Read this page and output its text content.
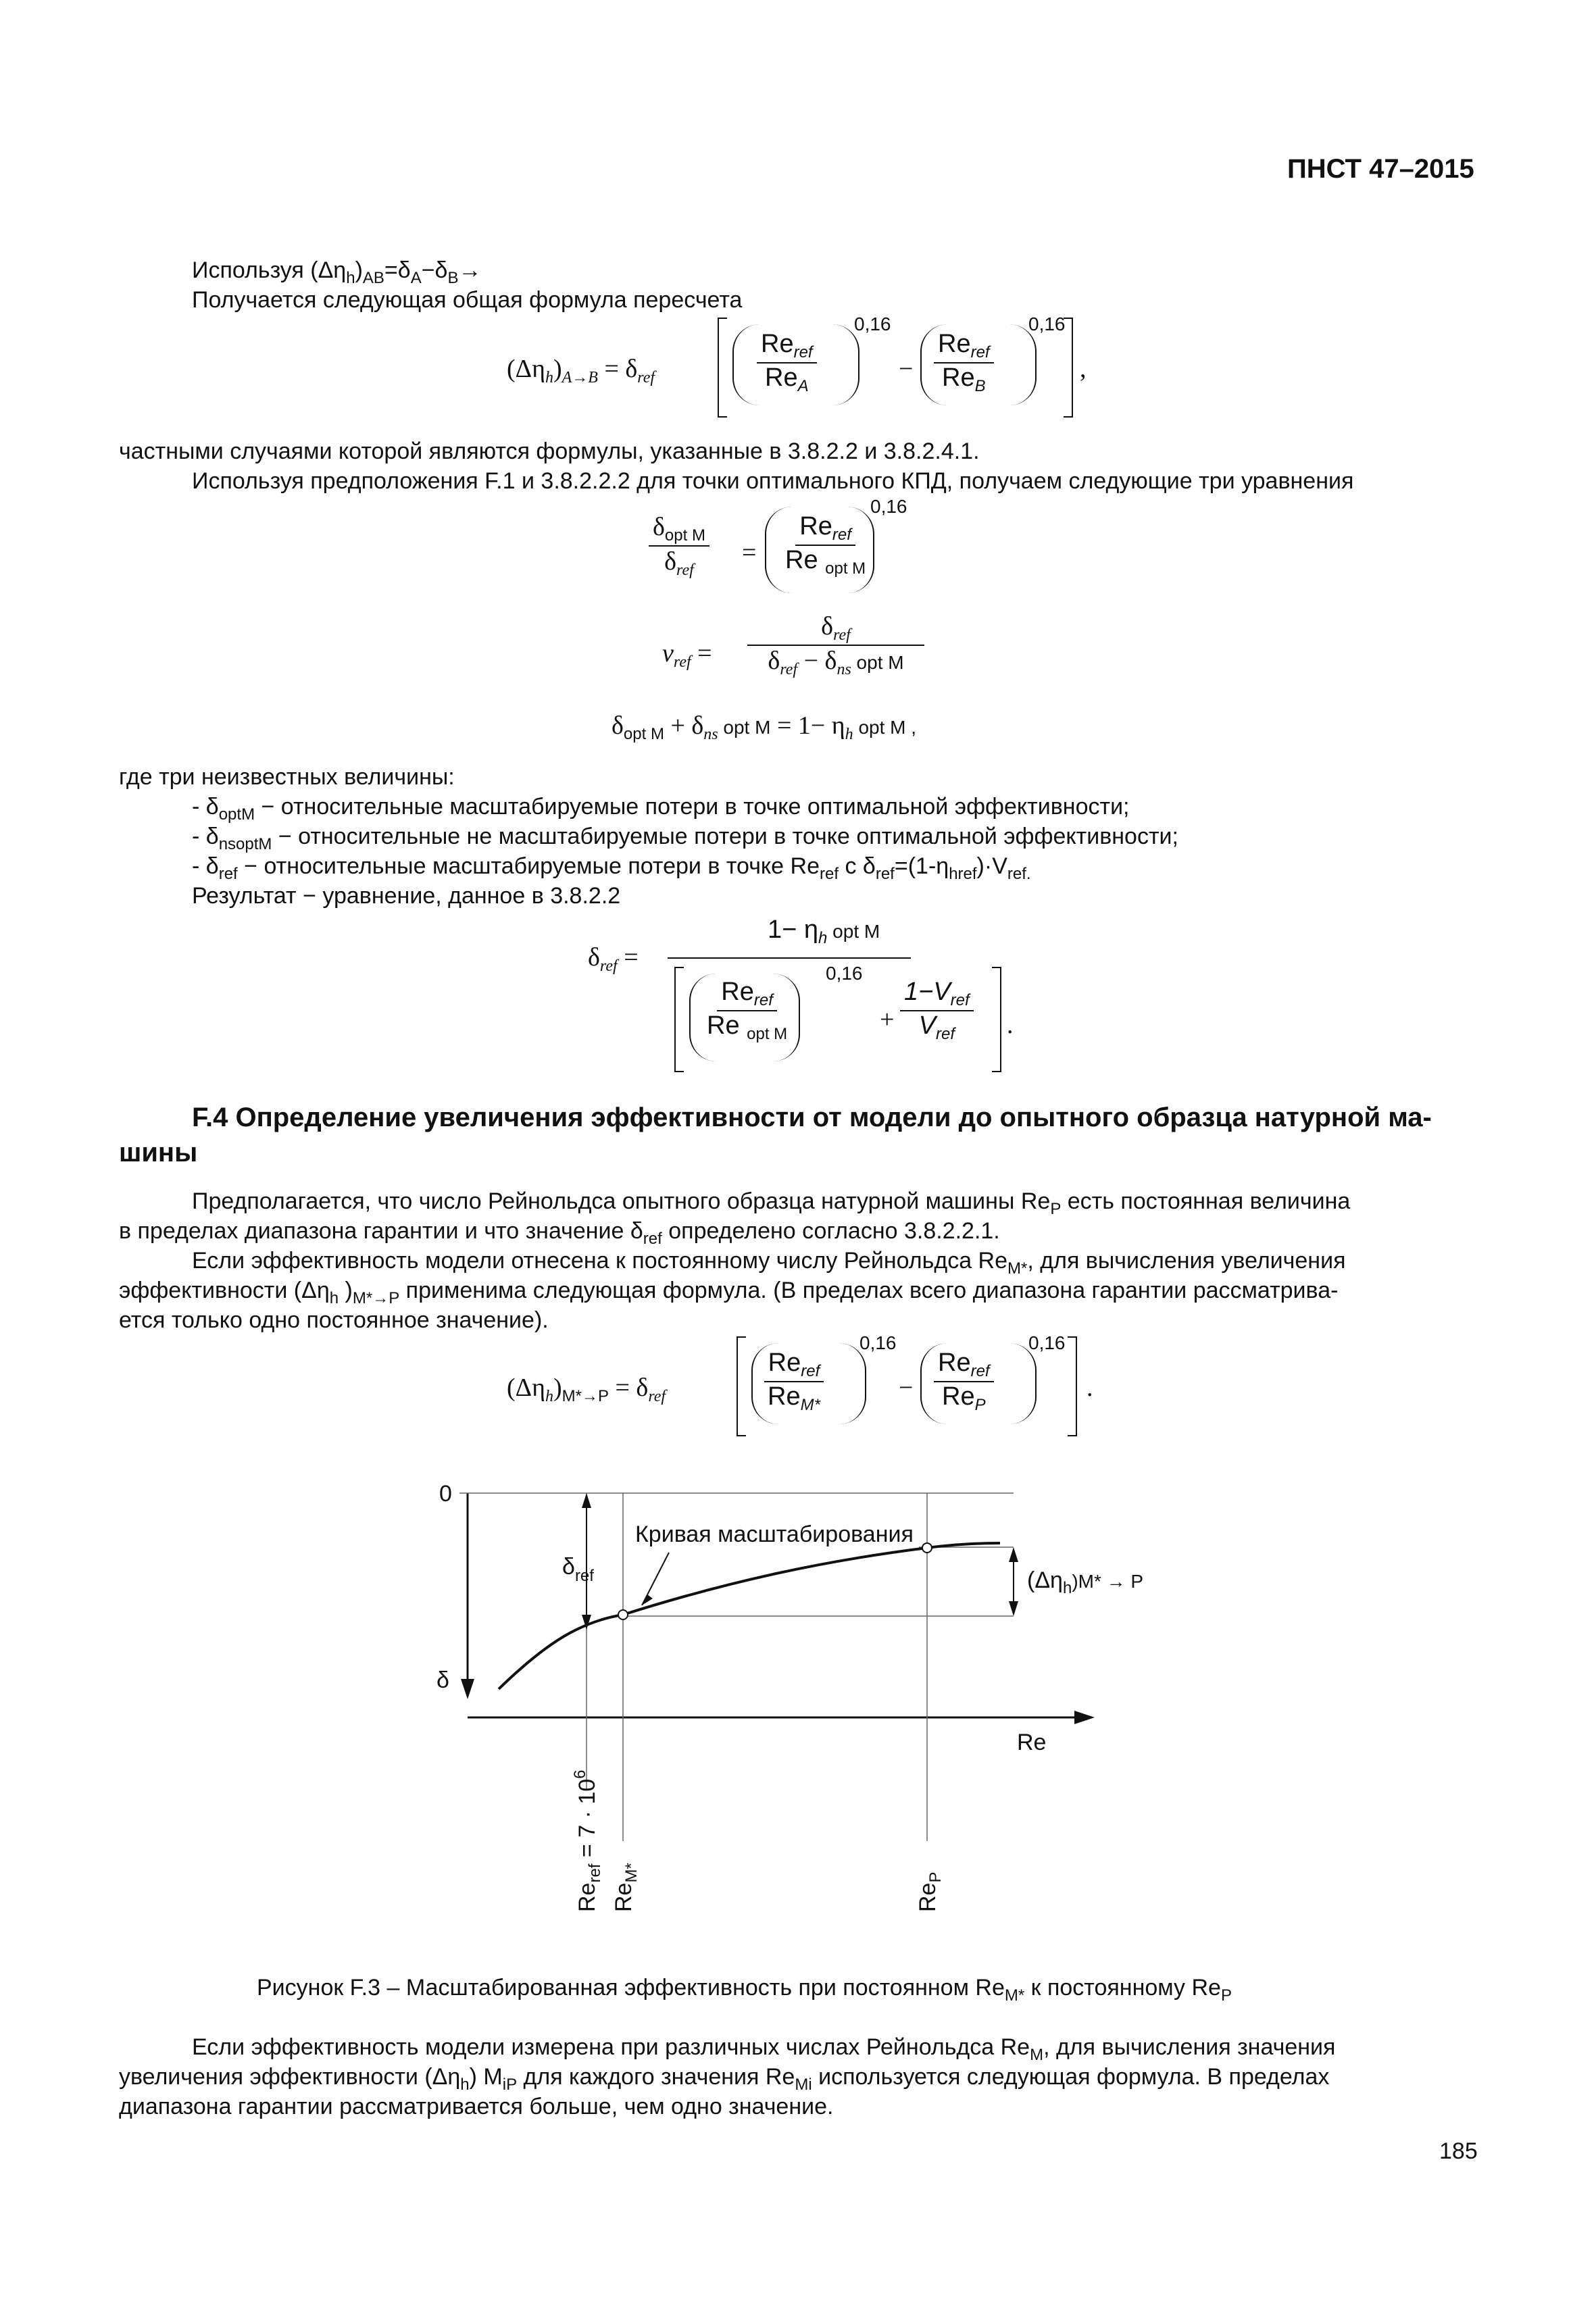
ПНСТ 47–2015
Используя $(\Delta\eta_h)_{AB}=\delta_A-\delta_B\to$
Получается следующая общая формула пересчета
$(\Delta\eta_h)_{A\to B} = \delta_{ref}$
$Re_{ref}$
$Re_A$
0,16
−
$Re_{ref}$
$Re_B$
0,16
,
частными случаями которой являются формулы, указанные в 3.8.2.2 и 3.8.2.4.1.
Используя предположения F.1 и 3.8.2.2.2 для точки оптимального КПД, получаем следующие три уравнения
$\delta_{opt M}$
$\delta_{ref}$
=
$Re_{ref}$
Re $_{opt M}$
0,16
$v_{ref}$ =
$\delta_{ref}$
$\delta_{ref} - \delta_{ns}$ opt M
$\delta_{opt M} + \delta_{ns}$ opt $M = 1- \eta_h$ opt M ,
где три неизвестных величины:
- $\delta_{optM}$ − относительные масштабируемые потери в точке оптимальной эффективности;
- $\delta_{nsoptM}$ − относительные не масштабируемые потери в точке оптимальной эффективности;
- $\delta_{ref}$ − относительные масштабируемые потери в точке $Re_{ref}$ с $\delta_{ref}=(1-\eta_{href})\cdot V_{ref.}$
Результат − уравнение, данное в 3.8.2.2
$\delta_{ref}$ =
$1- \eta_h$ opt M
$Re_{ref}$
Re $_{opt M}$
0,16
+
$1-V_{ref}$
$V_{ref}$ .
F.4 Определение увеличения эффективности от модели до опытного образца натурной ма-
шины
Предполагается, что число Рейнольдса опытного образца натурной машины $Re_P$ есть постоянная величина
в пределах диапазона гарантии и что значение $\delta_{ref}$ определено согласно 3.8.2.2.1.
Если эффективность модели отнесена к постоянному числу Рейнольдса $Re_{M*}$, для вычисления увеличения
эффективности ($\Delta\eta_h$ )$_{M*\to P}$ применима следующая формула. (В пределах всего диапазона гарантии рассматрива-
ется только одно постоянное значение).
$(\Delta\eta_h)_{M*\to P} = \delta_{ref}$
$Re_{ref}$
$Re_{M*}$
0,16
−
$Re_{ref}$
$Re_P$
0,16
.
0
δ
$\delta_{ref}$
Кривая масштабирования
($\Delta\eta_h^{)M* \to P}$
Re
$Re_{ref} = 7 \cdot 10^6$
$Re_{M*}$
$Re_P$
Рисунок F.3 – Масштабированная эффективность при постоянном $Re_{M*}$ к постоянному $Re_P$
Если эффективность модели измерена при различных числах Рейнольдса $Re_M$, для вычисления значения
увеличения эффективности $(\Delta\eta_h)$ $M_{iP}$ для каждого значения $Re_{Mi}$ используется следующая формула. В пределах
диапазона гарантии рассматривается больше, чем одно значение.
185
